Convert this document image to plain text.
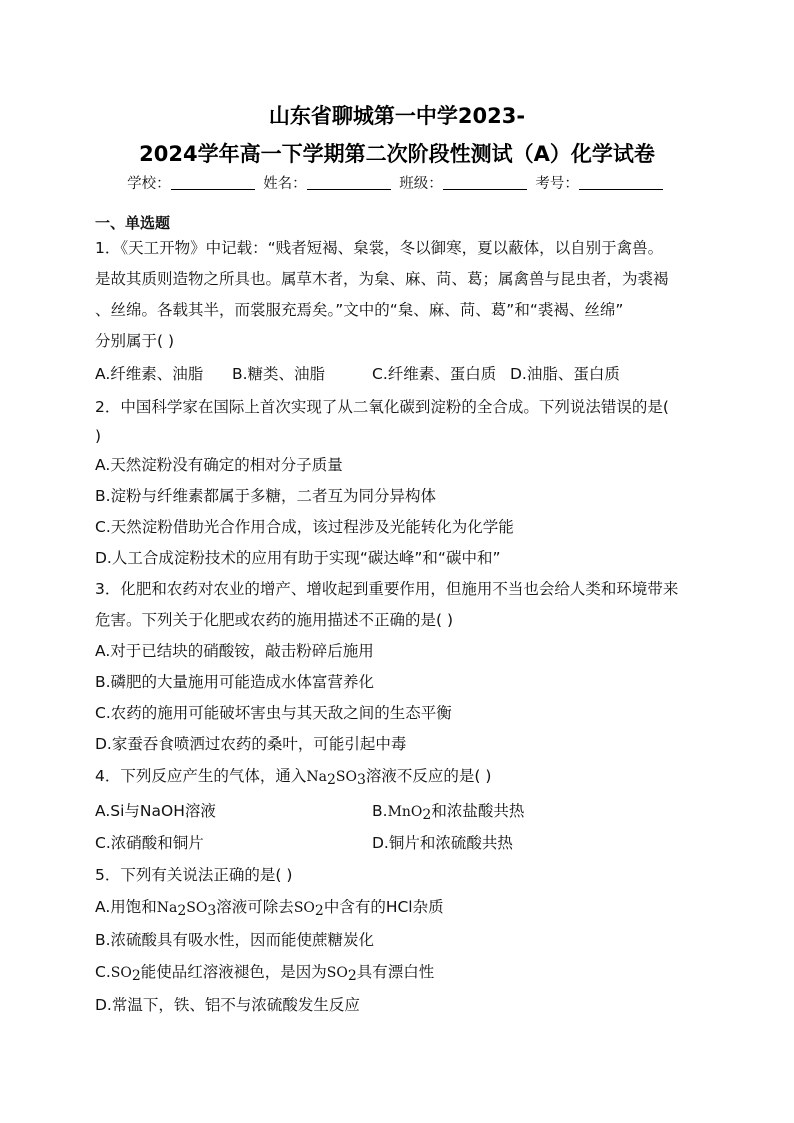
山东省聊城第一中学2023-
2024学年高一下学期第二次阶段性测试（A）化学试卷
学校：	姓名：	班级：	考号：
一、单选题
1．《天工开物》中记载：“贱者短褐、枲裳，冬以御寒，夏以蔽体，以自别于禽兽。
是故其质则造物之所具也。属草木者，为枲、麻、苘、葛；属禽兽与昆虫者，为裘褐
、丝绵。各载其半，而裳服充焉矣。”文中的“枲、麻、苘、葛”和“裘褐、丝绵”
分别属于( )
A.纤维素、油脂 B.糖类、油脂	C.纤维素、蛋白质 D.油脂、蛋白质
2．中国科学家在国际上首次实现了从二氧化碳到淀粉的全合成。下列说法错误的是(
)
A.天然淀粉没有确定的相对分子质量
B.淀粉与纤维素都属于多糖，二者互为同分异构体
C.天然淀粉借助光合作用合成，该过程涉及光能转化为化学能
D.人工合成淀粉技术的应用有助于实现“碳达峰”和“碳中和”
3．化肥和农药对农业的增产、增收起到重要作用，但施用不当也会给人类和环境带来
危害。下列关于化肥或农药的施用描述不正确的是( )
A.对于已结块的硝酸铵，敲击粉碎后施用
B.磷肥的大量施用可能造成水体富营养化
C.农药的施用可能破坏害虫与其天敌之间的生态平衡
D.家蚕吞食喷洒过农药的桑叶，可能引起中毒
4．下列反应产生的气体，通入$Na_2SO_3$溶液不反应的是( )
A.Si与NaOH溶液	B.MnO$_2$和浓盐酸共热
C.浓硝酸和铜片	D.铜片和浓硫酸共热
5．下列有关说法正确的是( )
A.用饱和$Na_2SO_3$溶液可除去$SO_2$中含有的HCl杂质
B.浓硫酸具有吸水性，因而能使蔗糖炭化
$C.SO_2$能使品红溶液褪色，是因为$SO_2$具有漂白性
D.常温下，铁、铝不与浓硫酸发生反应
